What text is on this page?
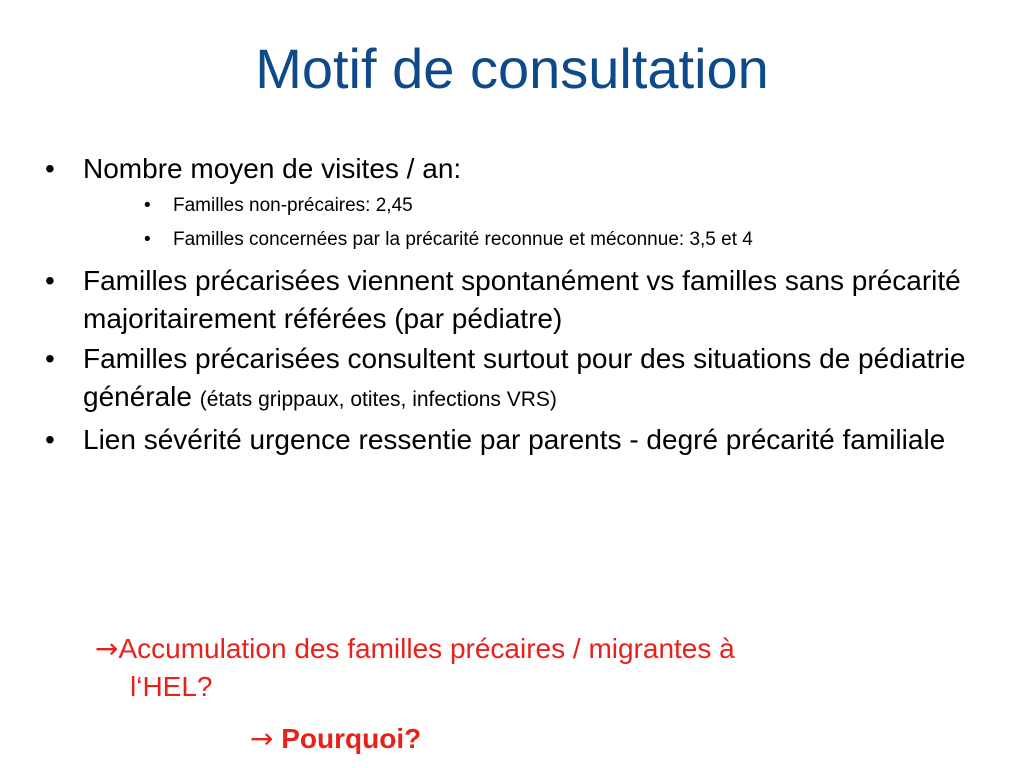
Motif de consultation
• Nombre moyen de visites / an:
• Familles non-précaires: 2,45
• Familles concernées par la précarité reconnue et méconnue: 3,5 et 4
• Familles précarisées viennent spontanément vs familles sans précarité majoritairement référées (par pédiatre)
• Familles précarisées consultent surtout pour des situations de pédiatrie générale (états grippaux, otites, infections VRS)
• Lien sévérité urgence ressentie par parents - degré précarité familiale
→Accumulation des familles précaires / migrantes à
l‘HEL?
→ Pourquoi?
